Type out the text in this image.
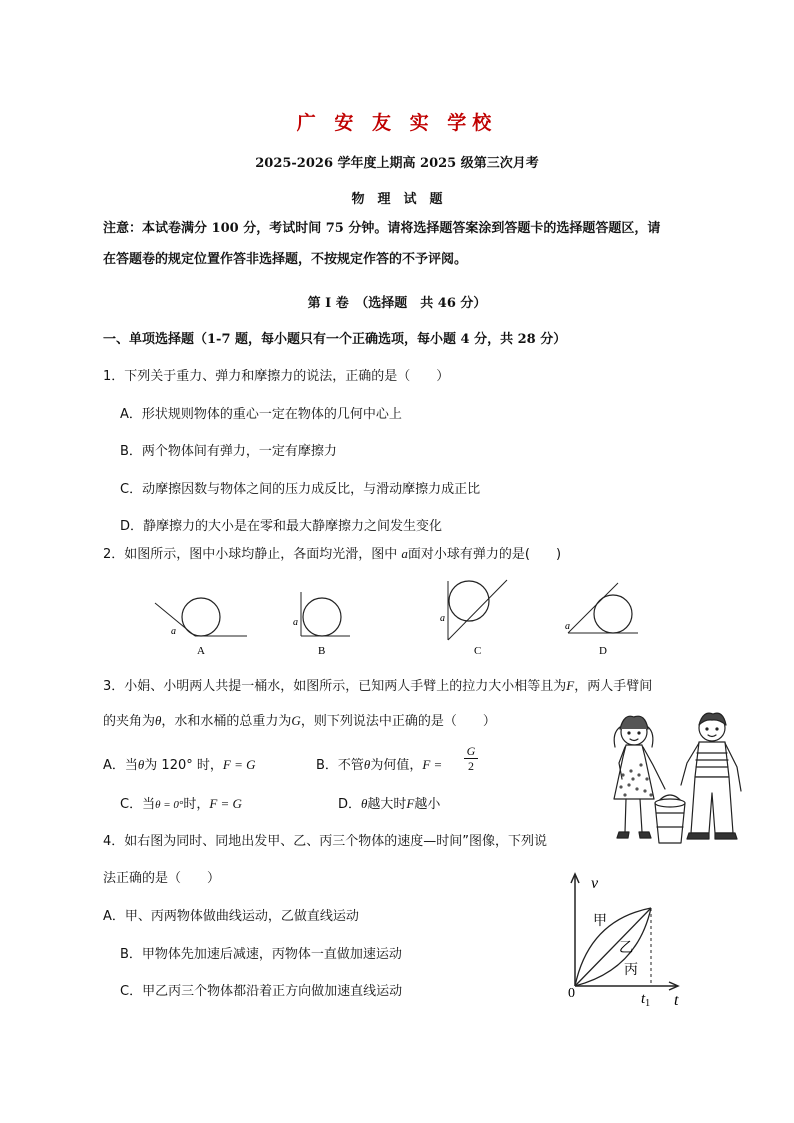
广 安 友 实 学校
2025-2026 学年度上期高 2025 级第三次月考
物　理　试　题
注意：本试卷满分 100 分，考试时间 75 分钟。请将选择题答案涂到答题卡的选择题答题区，请
在答题卷的规定位置作答非选择题，不按规定作答的不予评阅。
第 I 卷　（选择题　共 46 分）
一、单项选择题（1-7 题，每小题只有一个正确选项，每小题 4 分，共 28 分）
1．下列关于重力、弹力和摩擦力的说法，正确的是（　　）
A．形状规则物体的重心一定在物体的几何中心上
B．两个物体间有弹力，一定有摩擦力
C．动摩擦因数与物体之间的压力成反比，与滑动摩擦力成正比
D．静摩擦力的大小是在零和最大静摩擦力之间发生变化
2．如图所示，图中小球均静止，各面均光滑，图中 a面对小球有弹力的是(　　)
a
A
a
B
a
C
a
D
3．小娟、小明两人共提一桶水，如图所示，已知两人手臂上的拉力大小相等且为F，两人手臂间
的夹角为θ，水和水桶的总重力为G，则下列说法中正确的是（　　）
A．当θ为 120° 时，F = G	B．不管θ为何值，$F = \frac{G}{2}$
C．当θ = 0°时，F = G	D．θ越大时F越小
4．如右图为同时、同地出发甲、乙、丙三个物体的速度—时间”图像，下列说
法正确的是（　　）
A．甲、丙两物体做曲线运动，乙做直线运动
B．甲物体先加速后减速，丙物体一直做加速运动
C．甲乙丙三个物体都沿着正方向做加速直线运动
v
t
0	$t_1$
甲
乙
丙
